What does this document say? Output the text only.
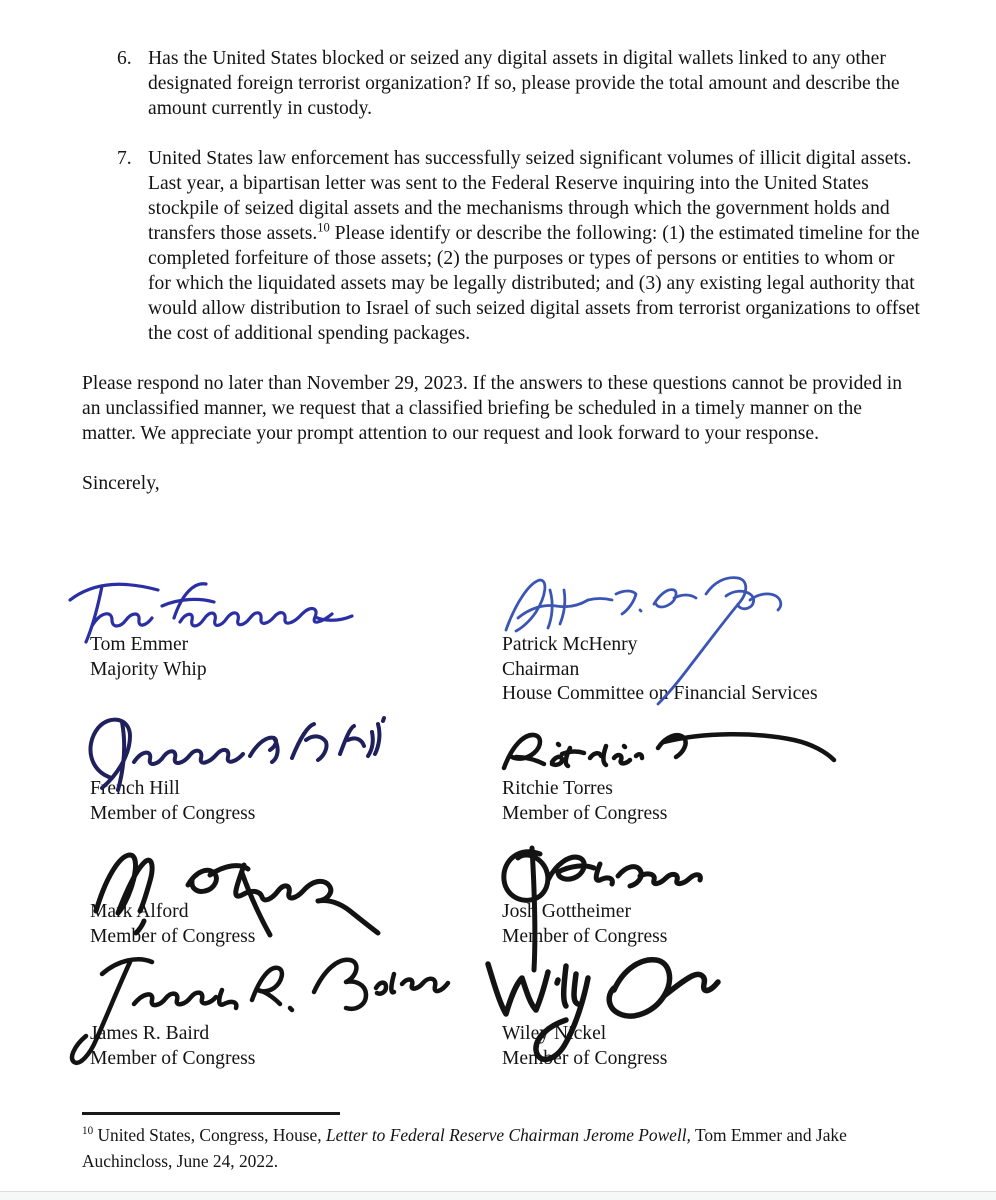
6. Has the United States blocked or seized any digital assets in digital wallets linked to any other designated foreign terrorist organization? If so, please provide the total amount and describe the amount currently in custody.
7. United States law enforcement has successfully seized significant volumes of illicit digital assets. Last year, a bipartisan letter was sent to the Federal Reserve inquiring into the United States stockpile of seized digital assets and the mechanisms through which the government holds and transfers those assets.$^{10}$ Please identify or describe the following: (1) the estimated timeline for the completed forfeiture of those assets; (2) the purposes or types of persons or entities to whom or for which the liquidated assets may be legally distributed; and (3) any existing legal authority that would allow distribution to Israel of such seized digital assets from terrorist organizations to offset the cost of additional spending packages.

Please respond no later than November 29, 2023. If the answers to these questions cannot be provided in an unclassified manner, we request that a classified briefing be scheduled in a timely manner on the matter. We appreciate your prompt attention to our request and look forward to your response.

Sincerely,

Tom Emmer
Majority Whip
Patrick McHenry
Chairman
House Committee on Financial Services
French Hill
Member of Congress
Ritchie Torres
Member of Congress
Mark Alford
Member of Congress
Josh Gottheimer
Member of Congress
James R. Baird
Member of Congress
Wiley Nickel
Member of Congress
$^{10}$ United States, Congress, House, Letter to Federal Reserve Chairman Jerome Powell, Tom Emmer and Jake Auchincloss, June 24, 2022.
